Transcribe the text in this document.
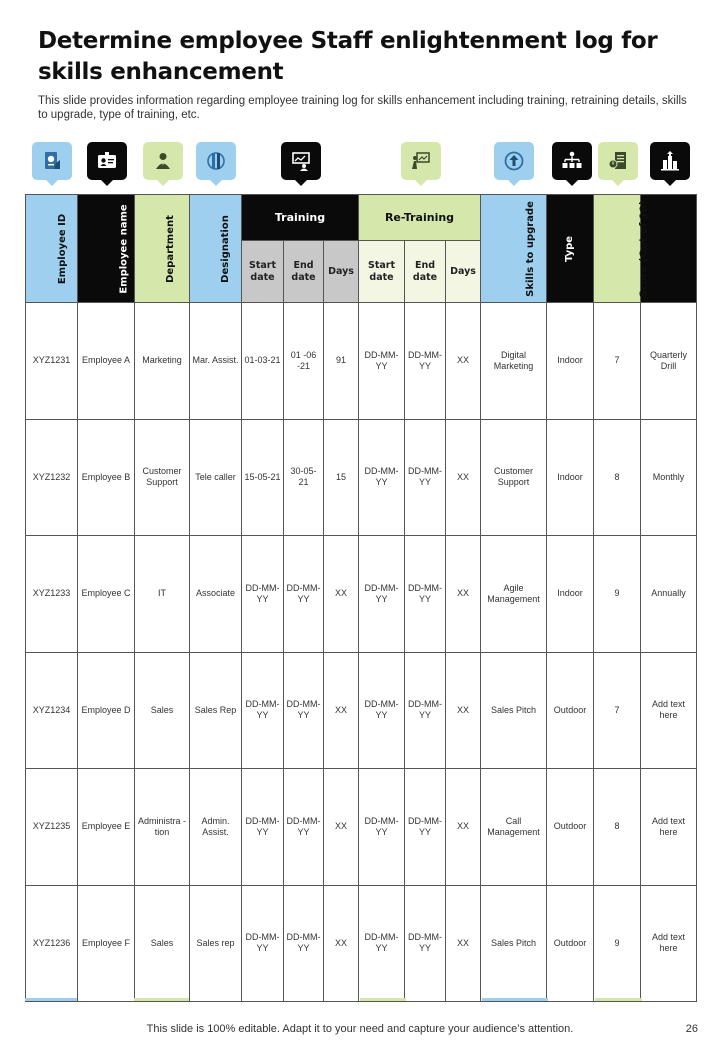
Determine employee Staff enlightenment log for skills enhancement
This slide provides information regarding employee training log for skills enhancement including training, retraining details, skills to upgrade, type of training, etc.
Employee ID	Employee name	Department	Designation	Training			Re-Training			Skills to upgrade	Type	Score (Out of 10)	Training refresh/ renew
				Start date	End date	Days	Start date	End date	Days				
XYZ1231	Employee A	Marketing	Mar. Assist.	01-03-21	01 -06 -21	91	DD-MM-YY	DD-MM-YY	XX	Digital Marketing	Indoor	7	Quarterly Drill
XYZ1232	Employee B	Customer Support	Tele caller	15-05-21	30-05-21	15	DD-MM-YY	DD-MM-YY	XX	Customer Support	Indoor	8	Monthly
XYZ1233	Employee C	IT	Associate	DD-MM-YY	DD-MM-YY	XX	DD-MM-YY	DD-MM-YY	XX	Agile Management	Indoor	9	Annually
XYZ1234	Employee D	Sales	Sales Rep	DD-MM-YY	DD-MM-YY	XX	DD-MM-YY	DD-MM-YY	XX	Sales Pitch	Outdoor	7	Add text here
XYZ1235	Employee E	Administra - tion	Admin. Assist.	DD-MM-YY	DD-MM-YY	XX	DD-MM-YY	DD-MM-YY	XX	Call Management	Outdoor	8	Add text here
XYZ1236	Employee F	Sales	Sales rep	DD-MM-YY	DD-MM-YY	XX	DD-MM-YY	DD-MM-YY	XX	Sales Pitch	Outdoor	9	Add text here
This slide is 100% editable. Adapt it to your need and capture your audience’s attention.	26
